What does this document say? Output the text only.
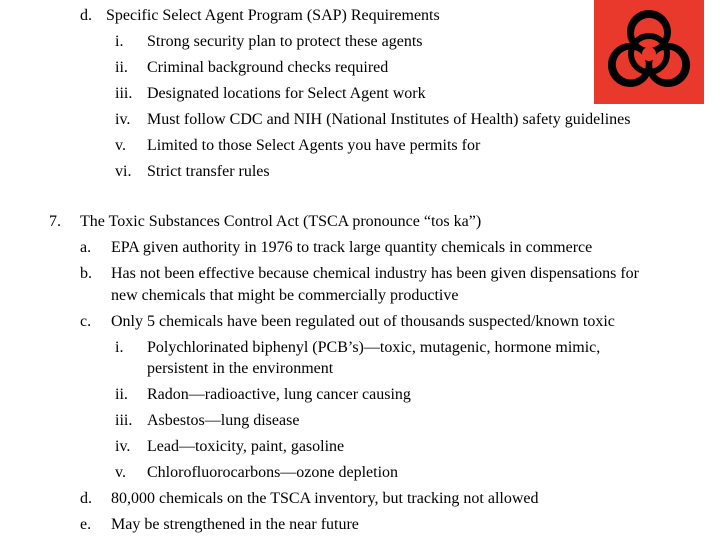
d. Specific Select Agent Program (SAP) Requirements
i. Strong security plan to protect these agents
ii. Criminal background checks required
iii. Designated locations for Select Agent work
iv. Must follow CDC and NIH (National Institutes of Health) safety guidelines
v. Limited to those Select Agents you have permits for
vi. Strict transfer rules
7. The Toxic Substances Control Act (TSCA pronounce “tos ka”)
a. EPA given authority in 1976 to track large quantity chemicals in commerce
b. Has not been effective because chemical industry has been given dispensations for
new chemicals that might be commercially productive
c. Only 5 chemicals have been regulated out of thousands suspected/known toxic
i. Polychlorinated biphenyl (PCB’s)—toxic, mutagenic, hormone mimic,
persistent in the environment
ii. Radon—radioactive, lung cancer causing
iii. Asbestos—lung disease
iv. Lead—toxicity, paint, gasoline
v. Chlorofluorocarbons—ozone depletion
d. 80,000 chemicals on the TSCA inventory, but tracking not allowed
e. May be strengthened in the near future
